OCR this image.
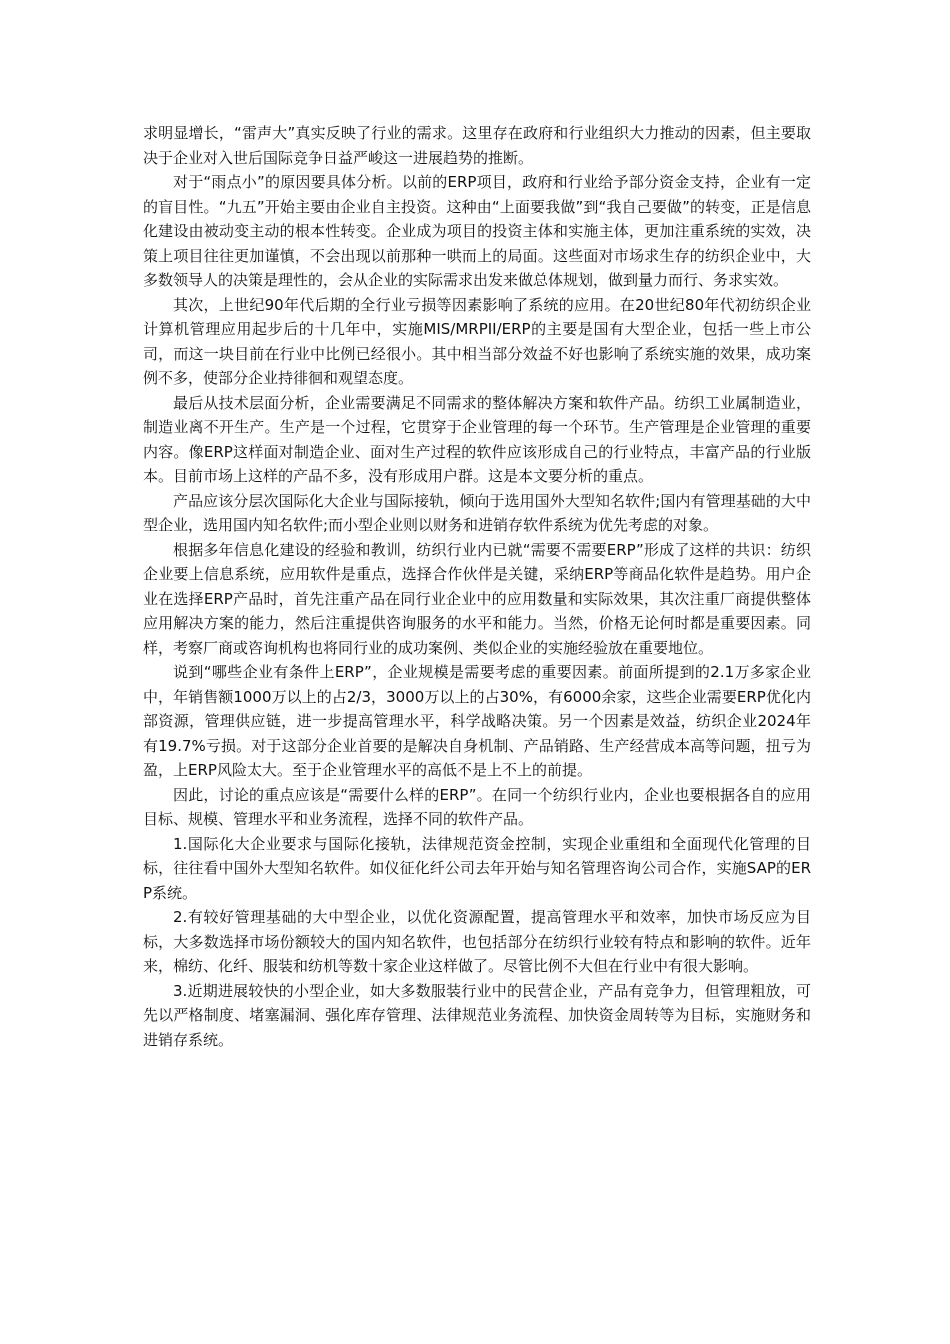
求明显增长，“雷声大”真实反映了行业的需求。这里存在政府和行业组织大力推动的因素，但主要取决于企业对入世后国际竞争日益严峻这一进展趋势的推断。

对于“雨点小”的原因要具体分析。以前的ERP项目，政府和行业给予部分资金支持，企业有一定的盲目性。“九五”开始主要由企业自主投资。这种由“上面要我做”到“我自己要做”的转变，正是信息化建设由被动变主动的根本性转变。企业成为项目的投资主体和实施主体，更加注重系统的实效，决策上项目往往更加谨慎，不会出现以前那种一哄而上的局面。这些面对市场求生存的纺织企业中，大多数领导人的决策是理性的，会从企业的实际需求出发来做总体规划，做到量力而行、务求实效。

其次，上世纪90年代后期的全行业亏损等因素影响了系统的应用。在20世纪80年代初纺织企业计算机管理应用起步后的十几年中，实施MIS/MRPII/ERP的主要是国有大型企业，包括一些上市公司，而这一块目前在行业中比例已经很小。其中相当部分效益不好也影响了系统实施的效果，成功案例不多，使部分企业持徘徊和观望态度。

最后从技术层面分析，企业需要满足不同需求的整体解决方案和软件产品。纺织工业属制造业，制造业离不开生产。生产是一个过程，它贯穿于企业管理的每一个环节。生产管理是企业管理的重要内容。像ERP这样面对制造企业、面对生产过程的软件应该形成自己的行业特点，丰富产品的行业版本。目前市场上这样的产品不多，没有形成用户群。这是本文要分析的重点。

产品应该分层次国际化大企业与国际接轨，倾向于选用国外大型知名软件;国内有管理基础的大中型企业，选用国内知名软件;而小型企业则以财务和进销存软件系统为优先考虑的对象。

根据多年信息化建设的经验和教训，纺织行业内已就“需要不需要ERP”形成了这样的共识：纺织企业要上信息系统，应用软件是重点，选择合作伙伴是关键，采纳ERP等商品化软件是趋势。用户企业在选择ERP产品时，首先注重产品在同行业企业中的应用数量和实际效果，其次注重厂商提供整体应用解决方案的能力，然后注重提供咨询服务的水平和能力。当然，价格无论何时都是重要因素。同样，考察厂商或咨询机构也将同行业的成功案例、类似企业的实施经验放在重要地位。

说到“哪些企业有条件上ERP”，企业规模是需要考虑的重要因素。前面所提到的2.1万多家企业中，年销售额1000万以上的占2/3，3000万以上的占30%，有6000余家，这些企业需要ERP优化内部资源，管理供应链，进一步提高管理水平，科学战略决策。另一个因素是效益，纺织企业2024年有19.7%亏损。对于这部分企业首要的是解决自身机制、产品销路、生产经营成本高等问题，扭亏为盈，上ERP风险太大。至于企业管理水平的高低不是上不上的前提。

因此，讨论的重点应该是“需要什么样的ERP”。在同一个纺织行业内，企业也要根据各自的应用目标、规模、管理水平和业务流程，选择不同的软件产品。

1.国际化大企业要求与国际化接轨，法律规范资金控制，实现企业重组和全面现代化管理的目标，往往看中国外大型知名软件。如仪征化纤公司去年开始与知名管理咨询公司合作，实施SAP的ERP系统。

2.有较好管理基础的大中型企业，以优化资源配置，提高管理水平和效率，加快市场反应为目标，大多数选择市场份额较大的国内知名软件，也包括部分在纺织行业较有特点和影响的软件。近年来，棉纺、化纤、服装和纺机等数十家企业这样做了。尽管比例不大但在行业中有很大影响。

3.近期进展较快的小型企业，如大多数服装行业中的民营企业，产品有竞争力，但管理粗放，可先以严格制度、堵塞漏洞、强化库存管理、法律规范业务流程、加快资金周转等为目标，实施财务和进销存系统。
